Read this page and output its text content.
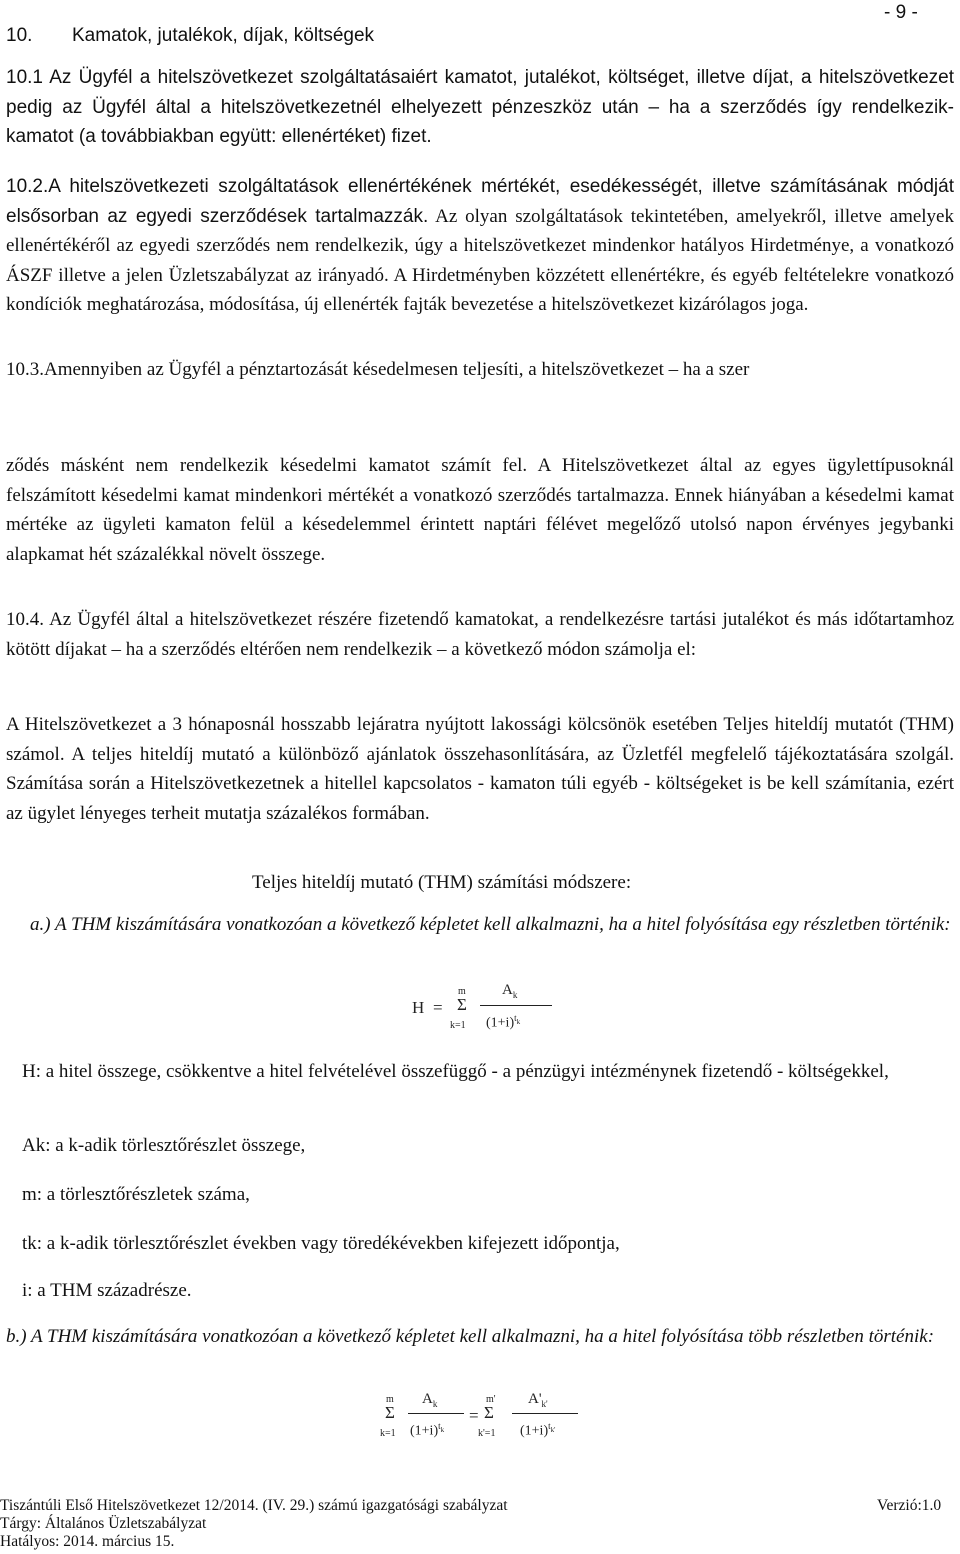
10. Kamatok, jutalékok, díjak, költségek
- 9 -
10.1 Az Ügyfél a hitelszövetkezet szolgáltatásaiért kamatot, jutalékot, költséget, illetve díjat, a hitelszövetkezet pedig az Ügyfél által a hitelszövetkezetnél elhelyezett pénzeszköz után – ha a szerződés így rendelkezik- kamatot (a továbbiakban együtt: ellenértéket) fizet.
10.2.A hitelszövetkezeti szolgáltatások ellenértékének mértékét, esedékességét, illetve számításának módját elsősorban az egyedi szerződések tartalmazzák. Az olyan szolgáltatások tekintetében, amelyekről, illetve amelyek ellenértékéről az egyedi szerződés nem rendelkezik, úgy a hitelszövetkezet mindenkor hatályos Hirdetménye, a vonatkozó ÁSZF illetve a jelen Üzletszabályzat az irányadó. A Hirdetményben közzétett ellenértékre, és egyéb feltételekre vonatkozó kondíciók meghatározása, módosítása, új ellenérték fajták bevezetése a hitelszövetkezet kizárólagos joga.
10.3.Amennyiben az Ügyfél a pénztartozását késedelmesen teljesíti, a hitelszövetkezet – ha a szer
ződés másként nem rendelkezik késedelmi kamatot számít fel. A Hitelszövetkezet által az egyes ügylettípusoknál felszámított késedelmi kamat mindenkori mértékét a vonatkozó szerződés tartalmazza. Ennek hiányában a késedelmi kamat mértéke az ügyleti kamaton felül a késedelemmel érintett naptári félévet megelőző utolsó napon érvényes jegybanki alapkamat hét százalékkal növelt összege.
10.4. Az Ügyfél által a hitelszövetkezet részére fizetendő kamatokat, a rendelkezésre tartási jutalékot és más időtartamhoz kötött díjakat – ha a szerződés eltérően nem rendelkezik – a következő módon számolja el:
A Hitelszövetkezet a 3 hónaposnál hosszabb lejáratra nyújtott lakossági kölcsönök esetében Teljes hiteldíj mutatót (THM) számol. A teljes hiteldíj mutató a különböző ajánlatok összehasonlítására, az Üzletfél megfelelő tájékoztatására szolgál. Számítása során a Hitelszövetkezetnek a hitellel kapcsolatos - kamaton túli egyéb - költségeket is be kell számítania, ezért az ügylet lényeges terheit mutatja százalékos formában.
Teljes hiteldíj mutató (THM) számítási módszere:
a.) A THM kiszámítására vonatkozóan a következő képletet kell alkalmazni, ha a hitel folyósítása egy részletben történik:
H =
m
Σ
k=1
$A_k$
$(1+i)^{t_k}$
H: a hitel összege, csökkentve a hitel felvételével összefüggő - a pénzügyi intézménynek fizetendő - költségekkel,
Ak: a k-adik törlesztőrészlet összege,
m: a törlesztőrészletek száma,
tk: a k-adik törlesztőrészlet években vagy töredékévekben kifejezett időpontja,
i: a THM századrésze.
b.) A THM kiszámítására vonatkozóan a következő képletet kell alkalmazni, ha a hitel folyósítása több részletben történik:
m
Σ
k=1
$A_k$
$(1+i)^{t_k}$
=
m'
Σ
k'=1
$A'_{k'}$
$(1+i)^{t_{k'}}$
Tiszántúli Első Hitelszövetkezet 12/2014. (IV. 29.) számú igazgatósági szabályzat	Verzió:1.0
Tárgy: Általános Üzletszabályzat
Hatályos: 2014. március 15.
